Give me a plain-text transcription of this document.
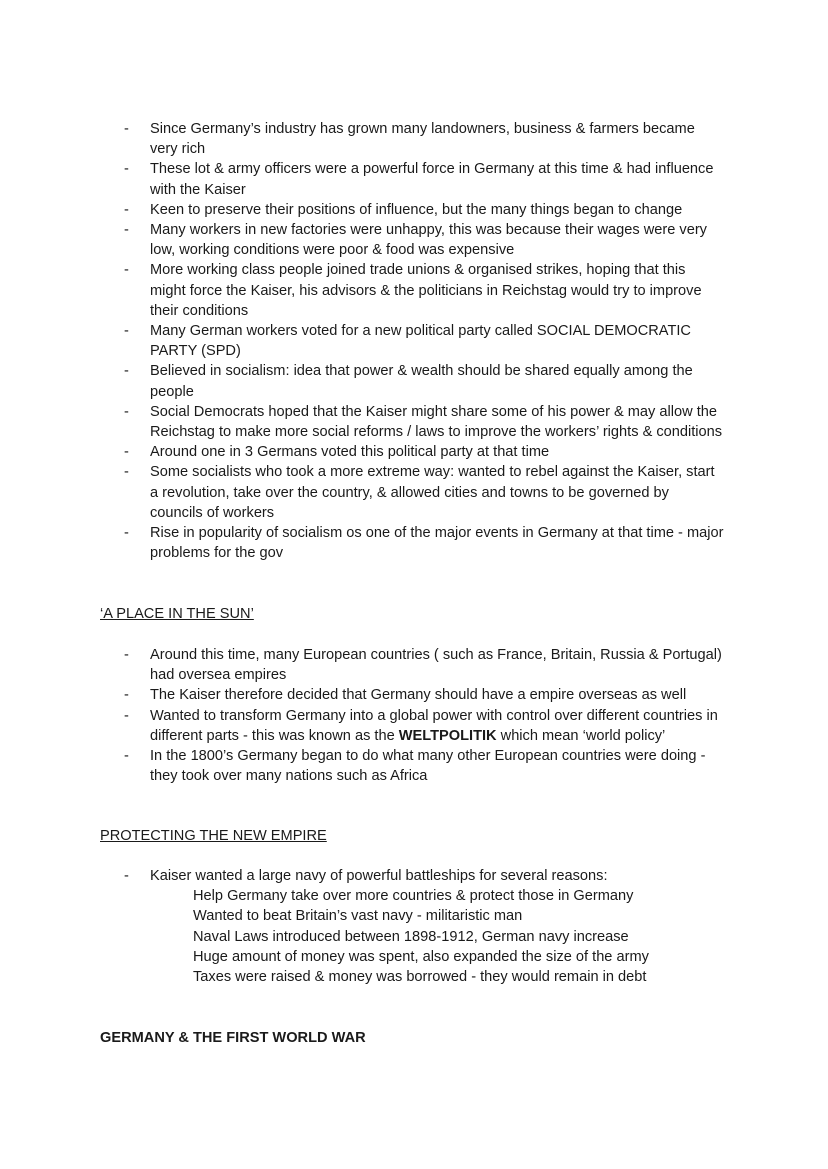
- Since Germany’s industry has grown many landowners, business & farmers became very rich
- These lot & army officers were a powerful force in Germany at this time & had influence with the Kaiser
- Keen to preserve their positions of influence, but the many things began to change
- Many workers in new factories were unhappy, this was because their wages were very low, working conditions were poor & food was expensive
- More working class people joined trade unions & organised strikes, hoping that this might force the Kaiser, his advisors & the politicians in Reichstag would try to improve their conditions
- Many German workers voted for a new political party called SOCIAL DEMOCRATIC PARTY (SPD)
- Believed in socialism: idea that power & wealth should be shared equally among the people
- Social Democrats hoped that the Kaiser might share some of his power & may allow the Reichstag to make more social reforms / laws to improve the workers’ rights & conditions
- Around one in 3 Germans voted this political party at that time
- Some socialists who took a more extreme way: wanted to rebel against the Kaiser, start a revolution, take over the country, & allowed cities and towns to be governed by councils of workers
- Rise in popularity of socialism os one of the major events in Germany at that time - major problems for the gov
‘A PLACE IN THE SUN’
- Around this time, many European countries ( such as France, Britain, Russia & Portugal) had oversea empires
- The Kaiser therefore decided that Germany should have a empire overseas as well
- Wanted to transform Germany into a global power with control over different countries in different parts - this was known as the WELTPOLITIK which mean ‘world policy’
- In the 1800’s Germany began to do what many other European countries were doing - they took over many nations such as Africa
PROTECTING THE NEW EMPIRE
- Kaiser wanted a large navy of powerful battleships for several reasons:
Help Germany take over more countries & protect those in Germany
Wanted to beat Britain’s vast navy - militaristic man
Naval Laws introduced between 1898-1912, German navy increase
Huge amount of money was spent, also expanded the size of the army
Taxes were raised & money was borrowed - they would remain in debt
GERMANY & THE FIRST WORLD WAR
